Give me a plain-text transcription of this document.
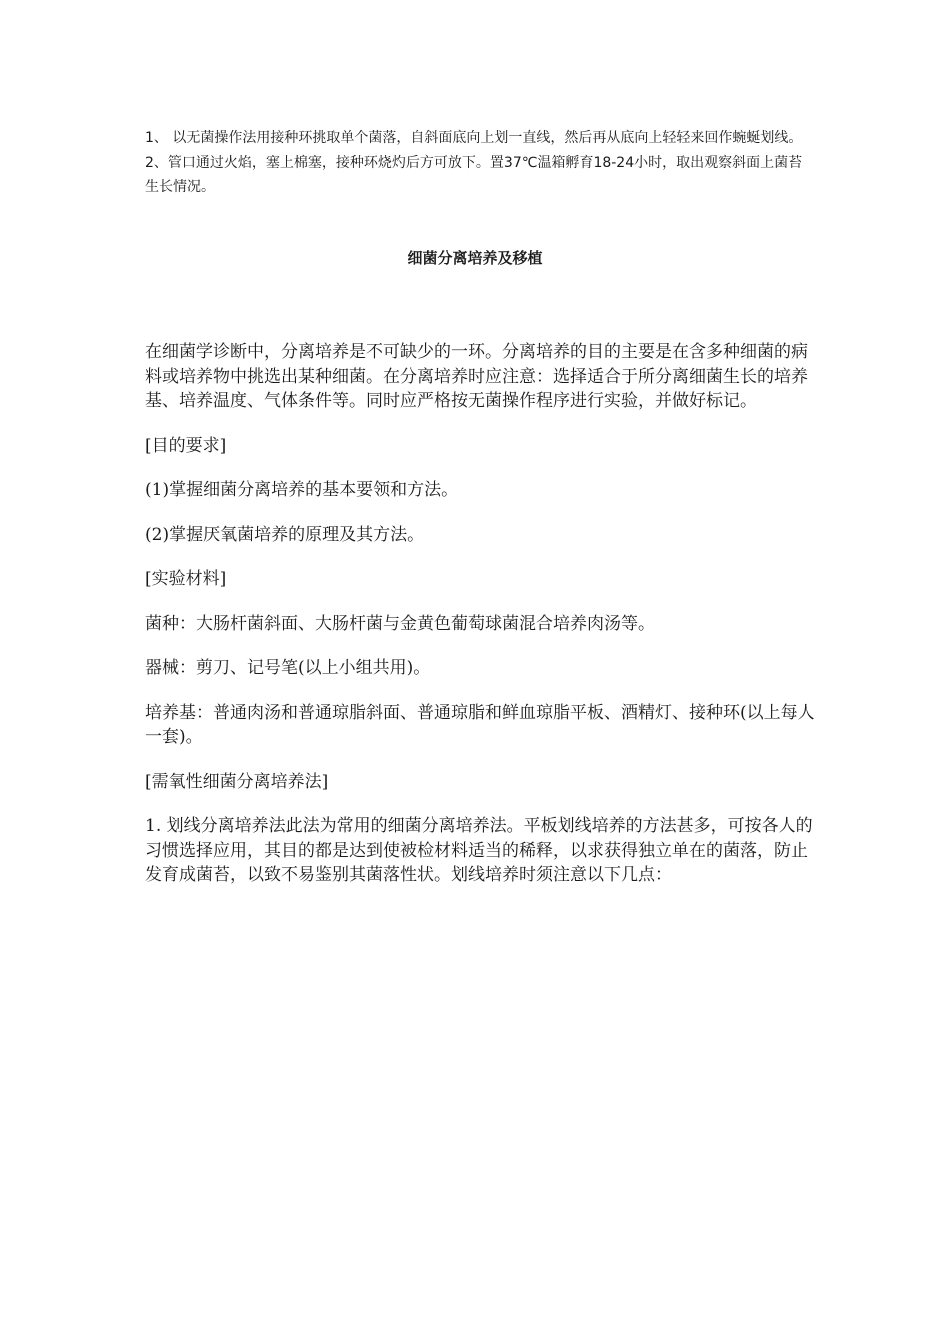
1、 以无菌操作法用接种环挑取单个菌落，自斜面底向上划一直线，然后再从底向上轻轻来回作蜿蜒划线。

2、管口通过火焰，塞上棉塞，接种环烧灼后方可放下。置37℃温箱孵育18-24小时，取出观察斜面上菌苔生长情况。

细菌分离培养及移植

在细菌学诊断中，分离培养是不可缺少的一环。分离培养的目的主要是在含多种细菌的病料或培养物中挑选出某种细菌。在分离培养时应注意：选择适合于所分离细菌生长的培养基、培养温度、气体条件等。同时应严格按无菌操作程序进行实验，并做好标记。

[目的要求]

(1)掌握细菌分离培养的基本要领和方法。

(2)掌握厌氧菌培养的原理及其方法。

[实验材料]

菌种：大肠杆菌斜面、大肠杆菌与金黄色葡萄球菌混合培养肉汤等。

器械：剪刀、记号笔(以上小组共用)。

培养基：普通肉汤和普通琼脂斜面、普通琼脂和鲜血琼脂平板、酒精灯、接种环(以上每人一套)。

[需氧性细菌分离培养法]

1. 划线分离培养法此法为常用的细菌分离培养法。平板划线培养的方法甚多，可按各人的习惯选择应用，其目的都是达到使被检材料适当的稀释，以求获得独立单在的菌落，防止发育成菌苔，以致不易鉴别其菌落性状。划线培养时须注意以下几点：
